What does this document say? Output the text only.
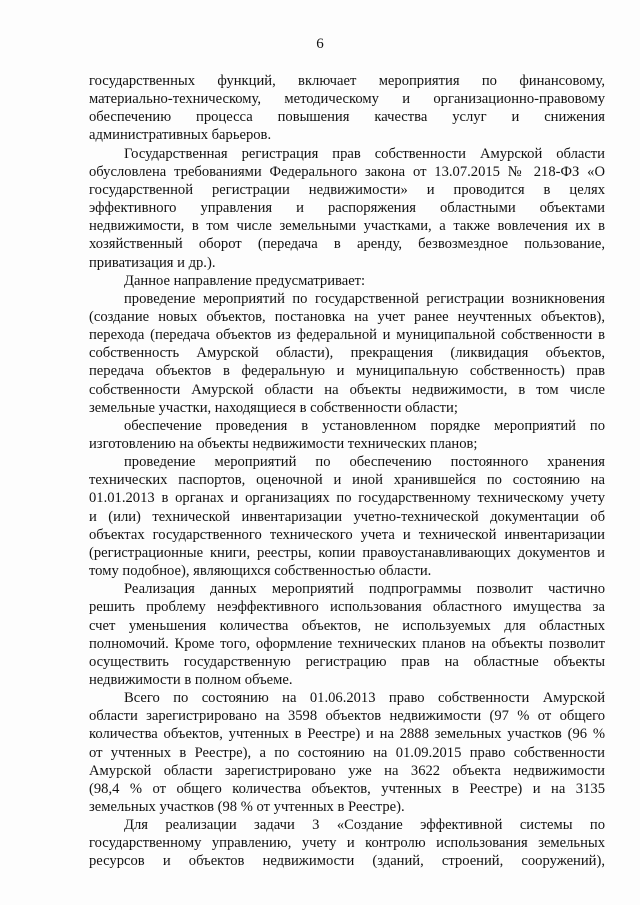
6
государственных функций, включает мероприятия по финансовому,
материально-техническому, методическому и организационно-правовому
обеспечению процесса повышения качества услуг и снижения
административных барьеров.
Государственная регистрация прав собственности Амурской области
обусловлена требованиями Федерального закона от 13.07.2015 № 218-ФЗ «О
государственной регистрации недвижимости» и проводится в целях
эффективного управления и распоряжения областными объектами
недвижимости, в том числе земельными участками, а также вовлечения их в
хозяйственный оборот (передача в аренду, безвозмездное пользование,
приватизация и др.).
Данное направление предусматривает:
проведение мероприятий по государственной регистрации возникновения
(создание новых объектов, постановка на учет ранее неучтенных объектов),
перехода (передача объектов из федеральной и муниципальной собственности в
собственность Амурской области), прекращения (ликвидация объектов,
передача объектов в федеральную и муниципальную собственность) прав
собственности Амурской области на объекты недвижимости, в том числе
земельные участки, находящиеся в собственности области;
обеспечение проведения в установленном порядке мероприятий по
изготовлению на объекты недвижимости технических планов;
проведение мероприятий по обеспечению постоянного хранения
технических паспортов, оценочной и иной хранившейся по состоянию на
01.01.2013 в органах и организациях по государственному техническому учету
и (или) технической инвентаризации учетно-технической документации об
объектах государственного технического учета и технической инвентаризации
(регистрационные книги, реестры, копии правоустанавливающих документов и
тому подобное), являющихся собственностью области.
Реализация данных мероприятий подпрограммы позволит частично
решить проблему неэффективного использования областного имущества за
счет уменьшения количества объектов, не используемых для областных
полномочий. Кроме того, оформление технических планов на объекты позволит
осуществить государственную регистрацию прав на областные объекты
недвижимости в полном объеме.
Всего по состоянию на 01.06.2013 право собственности Амурской
области зарегистрировано на 3598 объектов недвижимости (97 % от общего
количества объектов, учтенных в Реестре) и на 2888 земельных участков (96 %
от учтенных в Реестре), а по состоянию на 01.09.2015 право собственности
Амурской области зарегистрировано уже на 3622 объекта недвижимости
(98,4 % от общего количества объектов, учтенных в Реестре) и на 3135
земельных участков (98 % от учтенных в Реестре).
Для реализации задачи 3 «Создание эффективной системы по
государственному управлению, учету и контролю использования земельных
ресурсов и объектов недвижимости (зданий, строений, сооружений),
